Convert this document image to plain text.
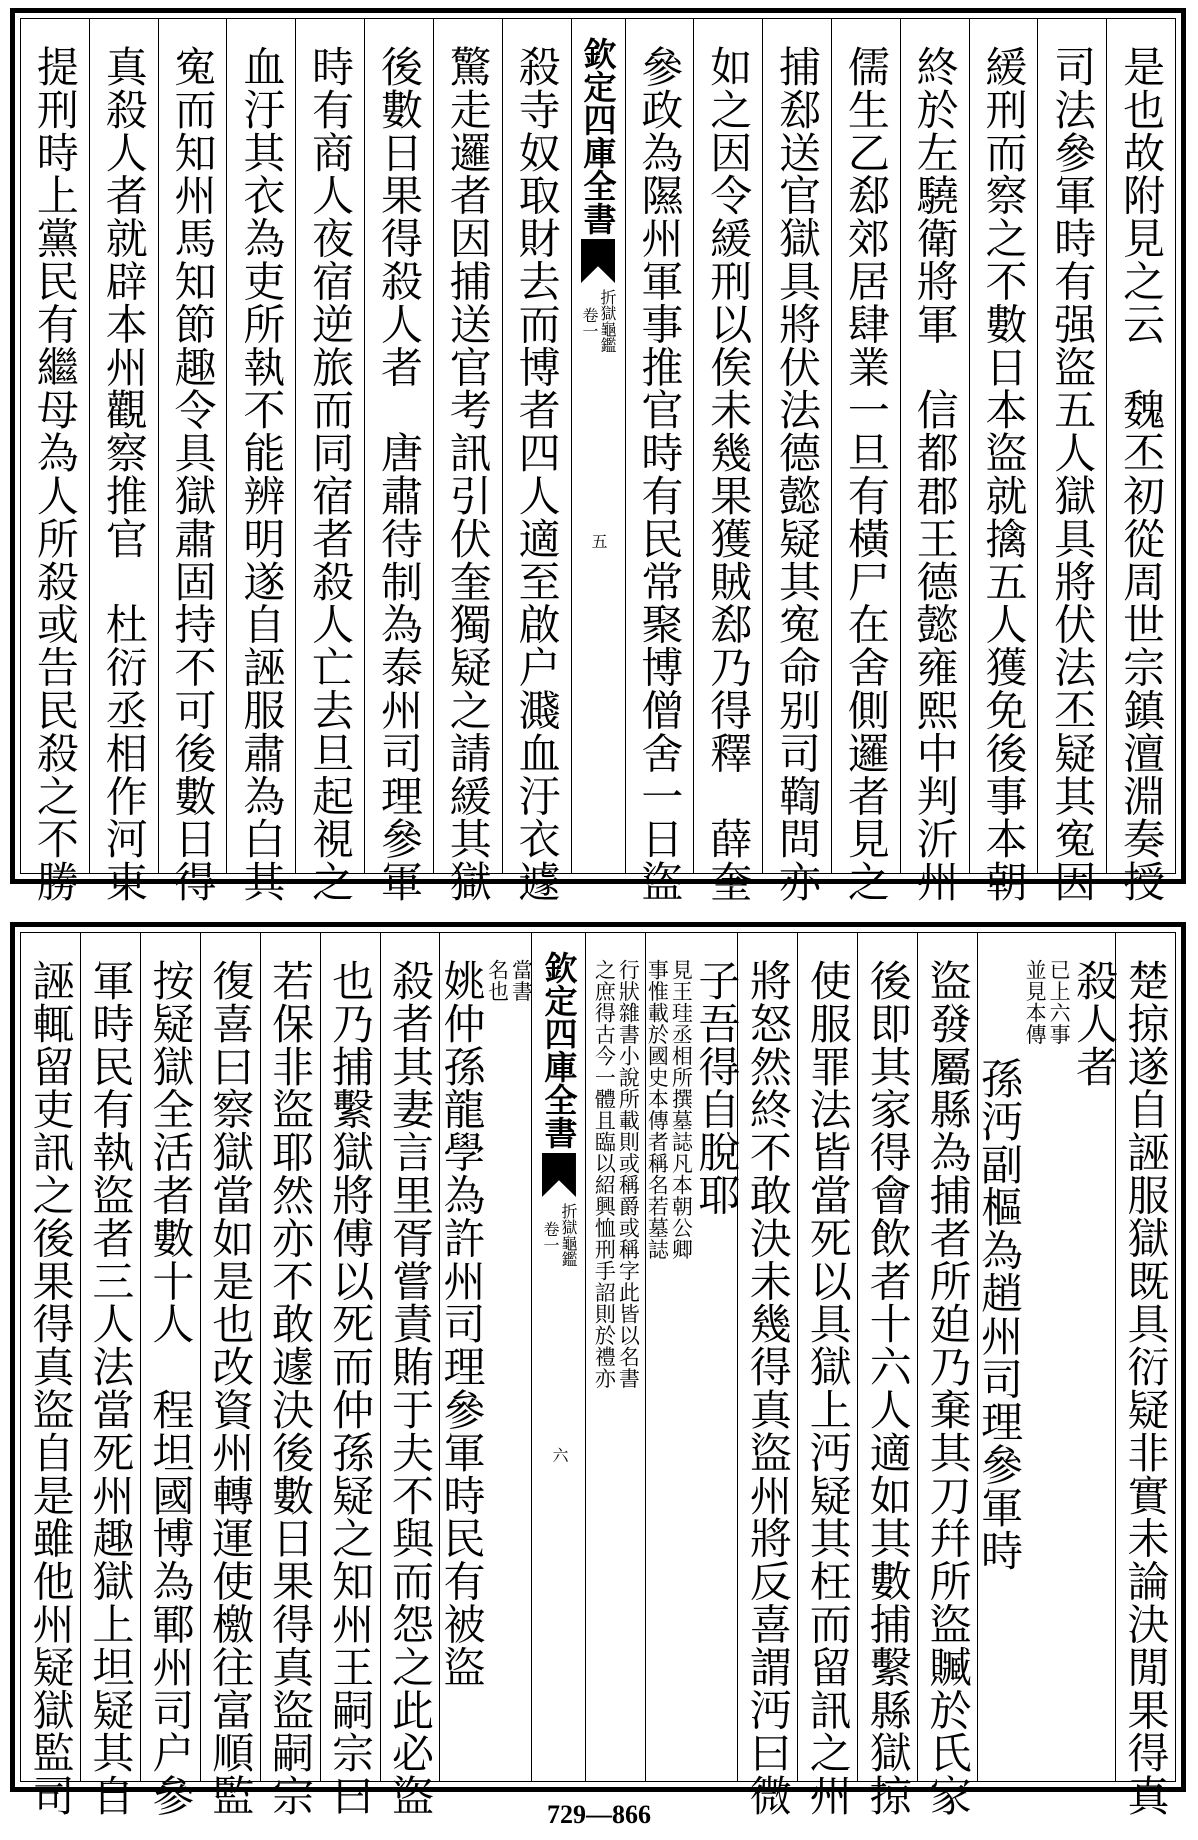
是也故附見之云　魏丕初從周世宗鎮澶淵奏授
司法參軍時有强盜五人獄具將伏法丕疑其寃因
緩刑而察之不數日本盜就擒五人獲免後事本朝
終於左驍衛將軍　信都郡王德懿雍熙中判沂州
儒生乙郄郊居肆業一旦有橫尸在舍側邏者見之
捕郄送官獄具將伏法德懿疑其寃命别司鞫問亦
如之因令緩刑以俟未幾果獲賊郄乃得釋　薛奎
參政為隰州軍事推官時有民常聚博僧舍一日盜
欽定四庫全書
折獄龜鑑
卷一
五
殺寺奴取財去而博者四人適至啟户濺血汙衣遽
驚走邏者因捕送官考訊引伏奎獨疑之請緩其獄
後數日果得殺人者　唐肅待制為泰州司理參軍
時有商人夜宿逆旅而同宿者殺人亡去旦起視之
血汙其衣為吏所執不能辨明遂自誣服肅為白其
寃而知州馬知節趣令具獄肅固持不可後數日得
真殺人者就辟本州觀察推官　杜衍丞相作河東
提刑時上黨民有繼母為人所殺或告民殺之不勝
楚掠遂自誣服獄既具衍疑非實未論決閒果得真
殺人者
已上六事
並見本傳
孫沔副樞為趙州司理參軍時
盜發屬縣為捕者所廹乃棄其刀幷所盜贓於氏家
後即其家得會飲者十六人適如其數捕繫縣獄掠
使服罪法皆當死以具獄上沔疑其枉而留訊之州
將怒然終不敢決未幾得真盜州將反喜謂沔曰微
子吾得自脫耶
見王珪丞相所撰墓誌凡本朝公卿
事惟載於國史本傳者稱名若墓誌
行狀雜書小說所載則或稱爵或稱字此皆以名書
之庶得古今一體且臨以紹興恤刑手詔則於禮亦
欽定四庫全書
折獄龜鑑
卷一
六
當書
名也
姚仲孫龍學為許州司理參軍時民有被盜
殺者其妻言里胥嘗責賄于夫不與而怨之此必盜
也乃捕繫獄將傅以死而仲孫疑之知州王嗣宗曰
若保非盜耶然亦不敢遽決後數日果得真盜嗣宗
復喜曰察獄當如是也改資州轉運使檄往富順監
按疑獄全活者數十人　程坦國博為鄆州司户參
軍時民有執盜者三人法當死州趣獄上坦疑其自
誣輒留吏訊之後果得真盜自是雖他州疑獄監司	729—866
